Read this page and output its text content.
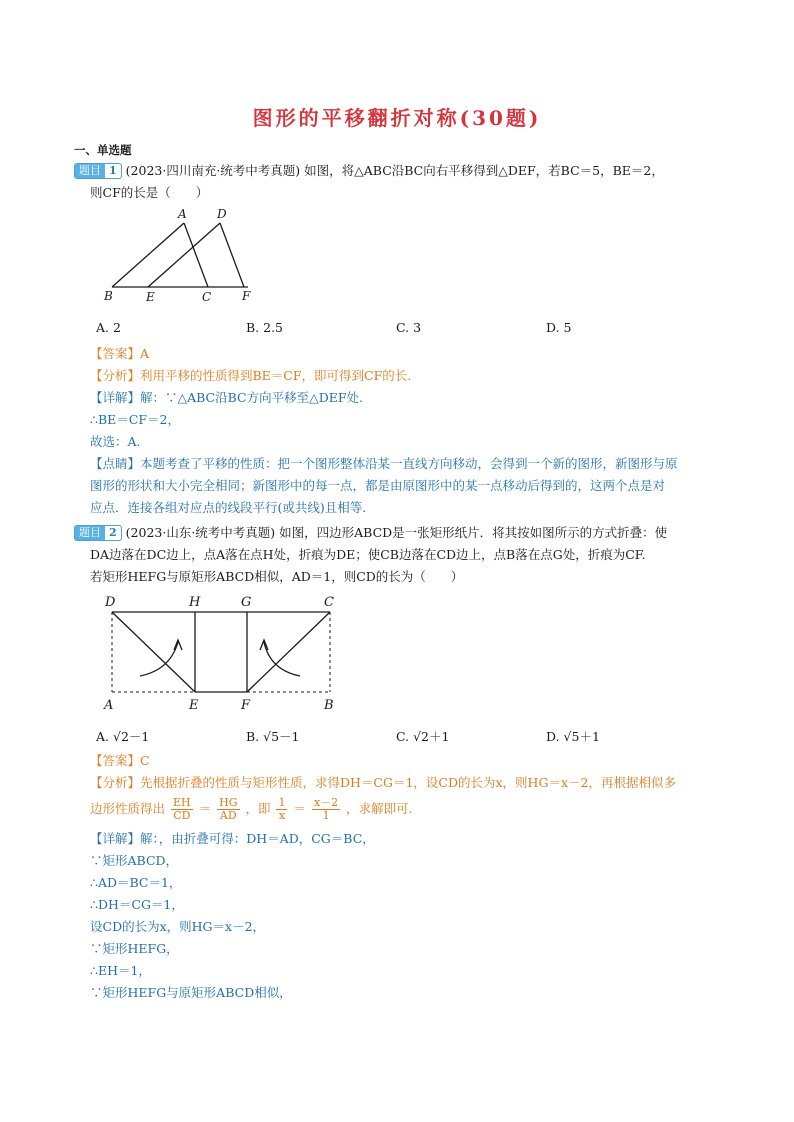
图形的平移翻折对称(30题)
一、单选题
题目 1 (2023·四川南充·统考中考真题) 如图，将△ABC沿BC向右平移得到△DEF，若BC＝5，BE＝2，
则CF的长是（　　）
A	D
B	E	C	F
A. 2	B. 2.5	C. 3	D. 5
【答案】A
【分析】利用平移的性质得到BE＝CF，即可得到CF的长.
【详解】解：∵△ABC沿BC方向平移至△DEF处.
∴BE＝CF＝2，
故选：A.
【点睛】本题考查了平移的性质：把一个图形整体沿某一直线方向移动，会得到一个新的图形，新图形与原
图形的形状和大小完全相同；新图形中的每一点，都是由原图形中的某一点移动后得到的，这两个点是对
应点．连接各组对应点的线段平行(或共线)且相等.
题目 2 (2023·山东·统考中考真题) 如图，四边形ABCD是一张矩形纸片．将其按如图所示的方式折叠：使
DA边落在DC边上，点A落在点H处，折痕为DE；使CB边落在CD边上，点B落在点G处，折痕为CF.
若矩形HEFG与原矩形ABCD相似，AD＝1，则CD的长为（　　）
D	H	G	C
A	E	F	B
A. √2－1	B. √5－1	C. √2＋1	D. √5＋1
【答案】C
【分析】先根据折叠的性质与矩形性质，求得DH＝CG＝1，设CD的长为x，则HG＝x－2，再根据相似多
边形性质得出 $\frac{EH}{CD} = \frac{HG}{AD}$ ，即 $\frac{1}{x} = \frac{x-2}{1}$ ，求解即可.
【详解】解：，由折叠可得：DH＝AD，CG＝BC，
∵矩形ABCD，
∴AD＝BC＝1，
∴DH＝CG＝1，
设CD的长为x，则HG＝x－2，
∵矩形HEFG，
∴EH＝1，
∵矩形HEFG与原矩形ABCD相似，
